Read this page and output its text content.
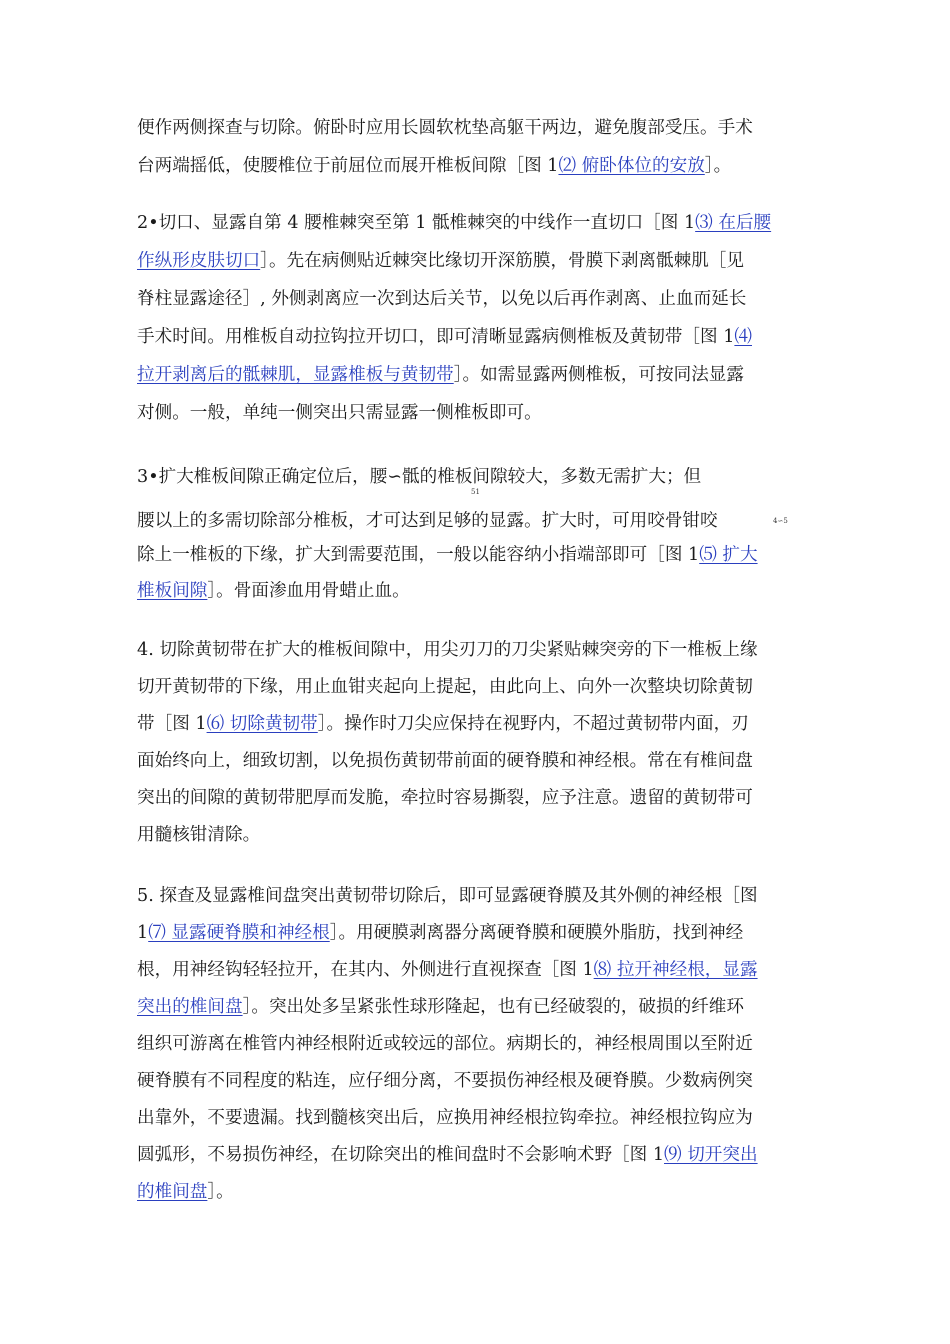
便作两侧探查与切除。俯卧时应用长圆软枕垫高躯干两边，避免腹部受压。手术
台两端摇低，使腰椎位于前屈位而展开椎板间隙［图 1⑵ 俯卧体位的安放］。
2•切口、显露自第 4 腰椎棘突至第 1 骶椎棘突的中线作一直切口［图 1⑶ 在后腰
作纵形皮肤切口］。先在病侧贴近棘突比缘切开深筋膜，骨膜下剥离骶棘肌［见
脊柱显露途径］, 外侧剥离应一次到达后关节，以免以后再作剥离、止血而延长
手术时间。用椎板自动拉钩拉开切口，即可清晰显露病侧椎板及黄韧带［图 1⑷
拉开剥离后的骶棘肌，显露椎板与黄韧带］。如需显露两侧椎板，可按同法显露
对侧。一般，单纯一侧突出只需显露一侧椎板即可。
3•扩大椎板间隙正确定位后，腰∽骶的椎板间隙较大，多数无需扩大；但
51
腰以上的多需切除部分椎板，才可达到足够的显露。扩大时，可用咬骨钳咬	4∽5
除上一椎板的下缘，扩大到需要范围，一般以能容纳小指端部即可［图 1⑸ 扩大
椎板间隙］。骨面渗血用骨蜡止血。
4. 切除黄韧带在扩大的椎板间隙中，用尖刃刀的刀尖紧贴棘突旁的下一椎板上缘
切开黄韧带的下缘，用止血钳夹起向上提起，由此向上、向外一次整块切除黄韧
带［图 1⑹ 切除黄韧带］。操作时刀尖应保持在视野内，不超过黄韧带内面，刃
面始终向上，细致切割，以免损伤黄韧带前面的硬脊膜和神经根。常在有椎间盘
突出的间隙的黄韧带肥厚而发脆，牵拉时容易撕裂，应予注意。遗留的黄韧带可
用髓核钳清除。
5. 探查及显露椎间盘突出黄韧带切除后，即可显露硬脊膜及其外侧的神经根［图
1⑺ 显露硬脊膜和神经根］。用硬膜剥离器分离硬脊膜和硬膜外脂肪，找到神经
根，用神经钩轻轻拉开，在其内、外侧进行直视探查［图 1⑻ 拉开神经根，显露
突出的椎间盘］。突出处多呈紧张性球形隆起，也有已经破裂的，破损的纤维环
组织可游离在椎管内神经根附近或较远的部位。病期长的，神经根周围以至附近
硬脊膜有不同程度的粘连，应仔细分离，不要损伤神经根及硬脊膜。少数病例突
出靠外，不要遗漏。找到髓核突出后，应换用神经根拉钩牵拉。神经根拉钩应为
圆弧形，不易损伤神经，在切除突出的椎间盘时不会影响术野［图 1⑼ 切开突出
的椎间盘］。
